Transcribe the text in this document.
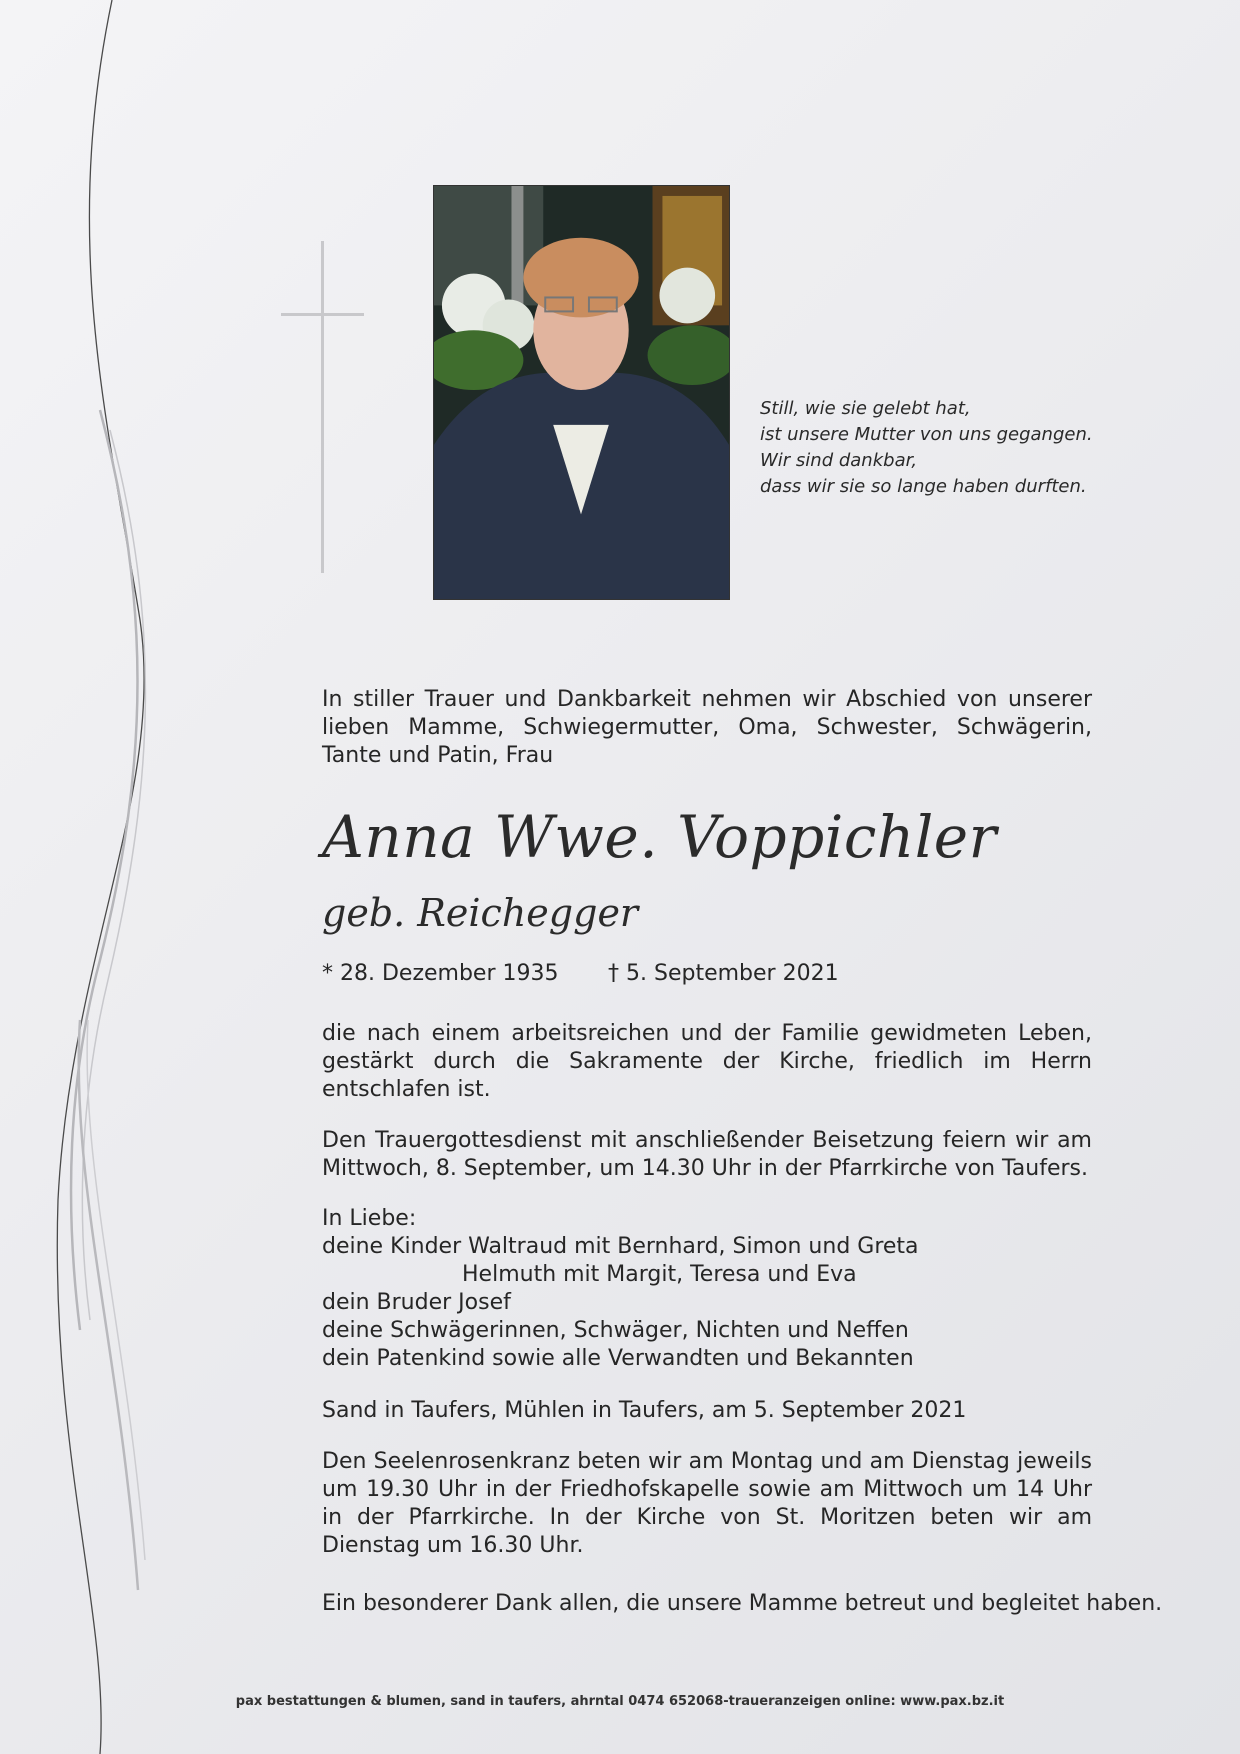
Still, wie sie gelebt hat,
ist unsere Mutter von uns gegangen.
Wir sind dankbar,
dass wir sie so lange haben durften.
In stiller Trauer und Dankbarkeit nehmen wir Abschied von unserer lieben Mamme, Schwiegermutter, Oma, Schwester, Schwägerin, Tante und Patin, Frau
Anna Wwe. Voppichler
geb. Reichegger
* 28. Dezember 1935 † 5. September 2021
die nach einem arbeitsreichen und der Familie gewidmeten Leben, gestärkt durch die Sakramente der Kirche, friedlich im Herrn entschlafen ist.
Den Trauergottesdienst mit anschließender Beisetzung feiern wir am Mittwoch, 8. September, um 14.30 Uhr in der Pfarrkirche von Taufers.
In Liebe:
deine Kinder Waltraud mit Bernhard, Simon und Greta
Helmuth mit Margit, Teresa und Eva
dein Bruder Josef
deine Schwägerinnen, Schwäger, Nichten und Neffen
dein Patenkind sowie alle Verwandten und Bekannten
Sand in Taufers, Mühlen in Taufers, am 5. September 2021
Den Seelenrosenkranz beten wir am Montag und am Dienstag jeweils um 19.30 Uhr in der Friedhofskapelle sowie am Mittwoch um 14 Uhr in der Pfarrkirche. In der Kirche von St. Moritzen beten wir am Dienstag um 16.30 Uhr.
Ein besonderer Dank allen, die unsere Mamme betreut und begleitet haben.
pax bestattungen & blumen, sand in taufers, ahrntal 0474 652068-traueranzeigen online: www.pax.bz.it
